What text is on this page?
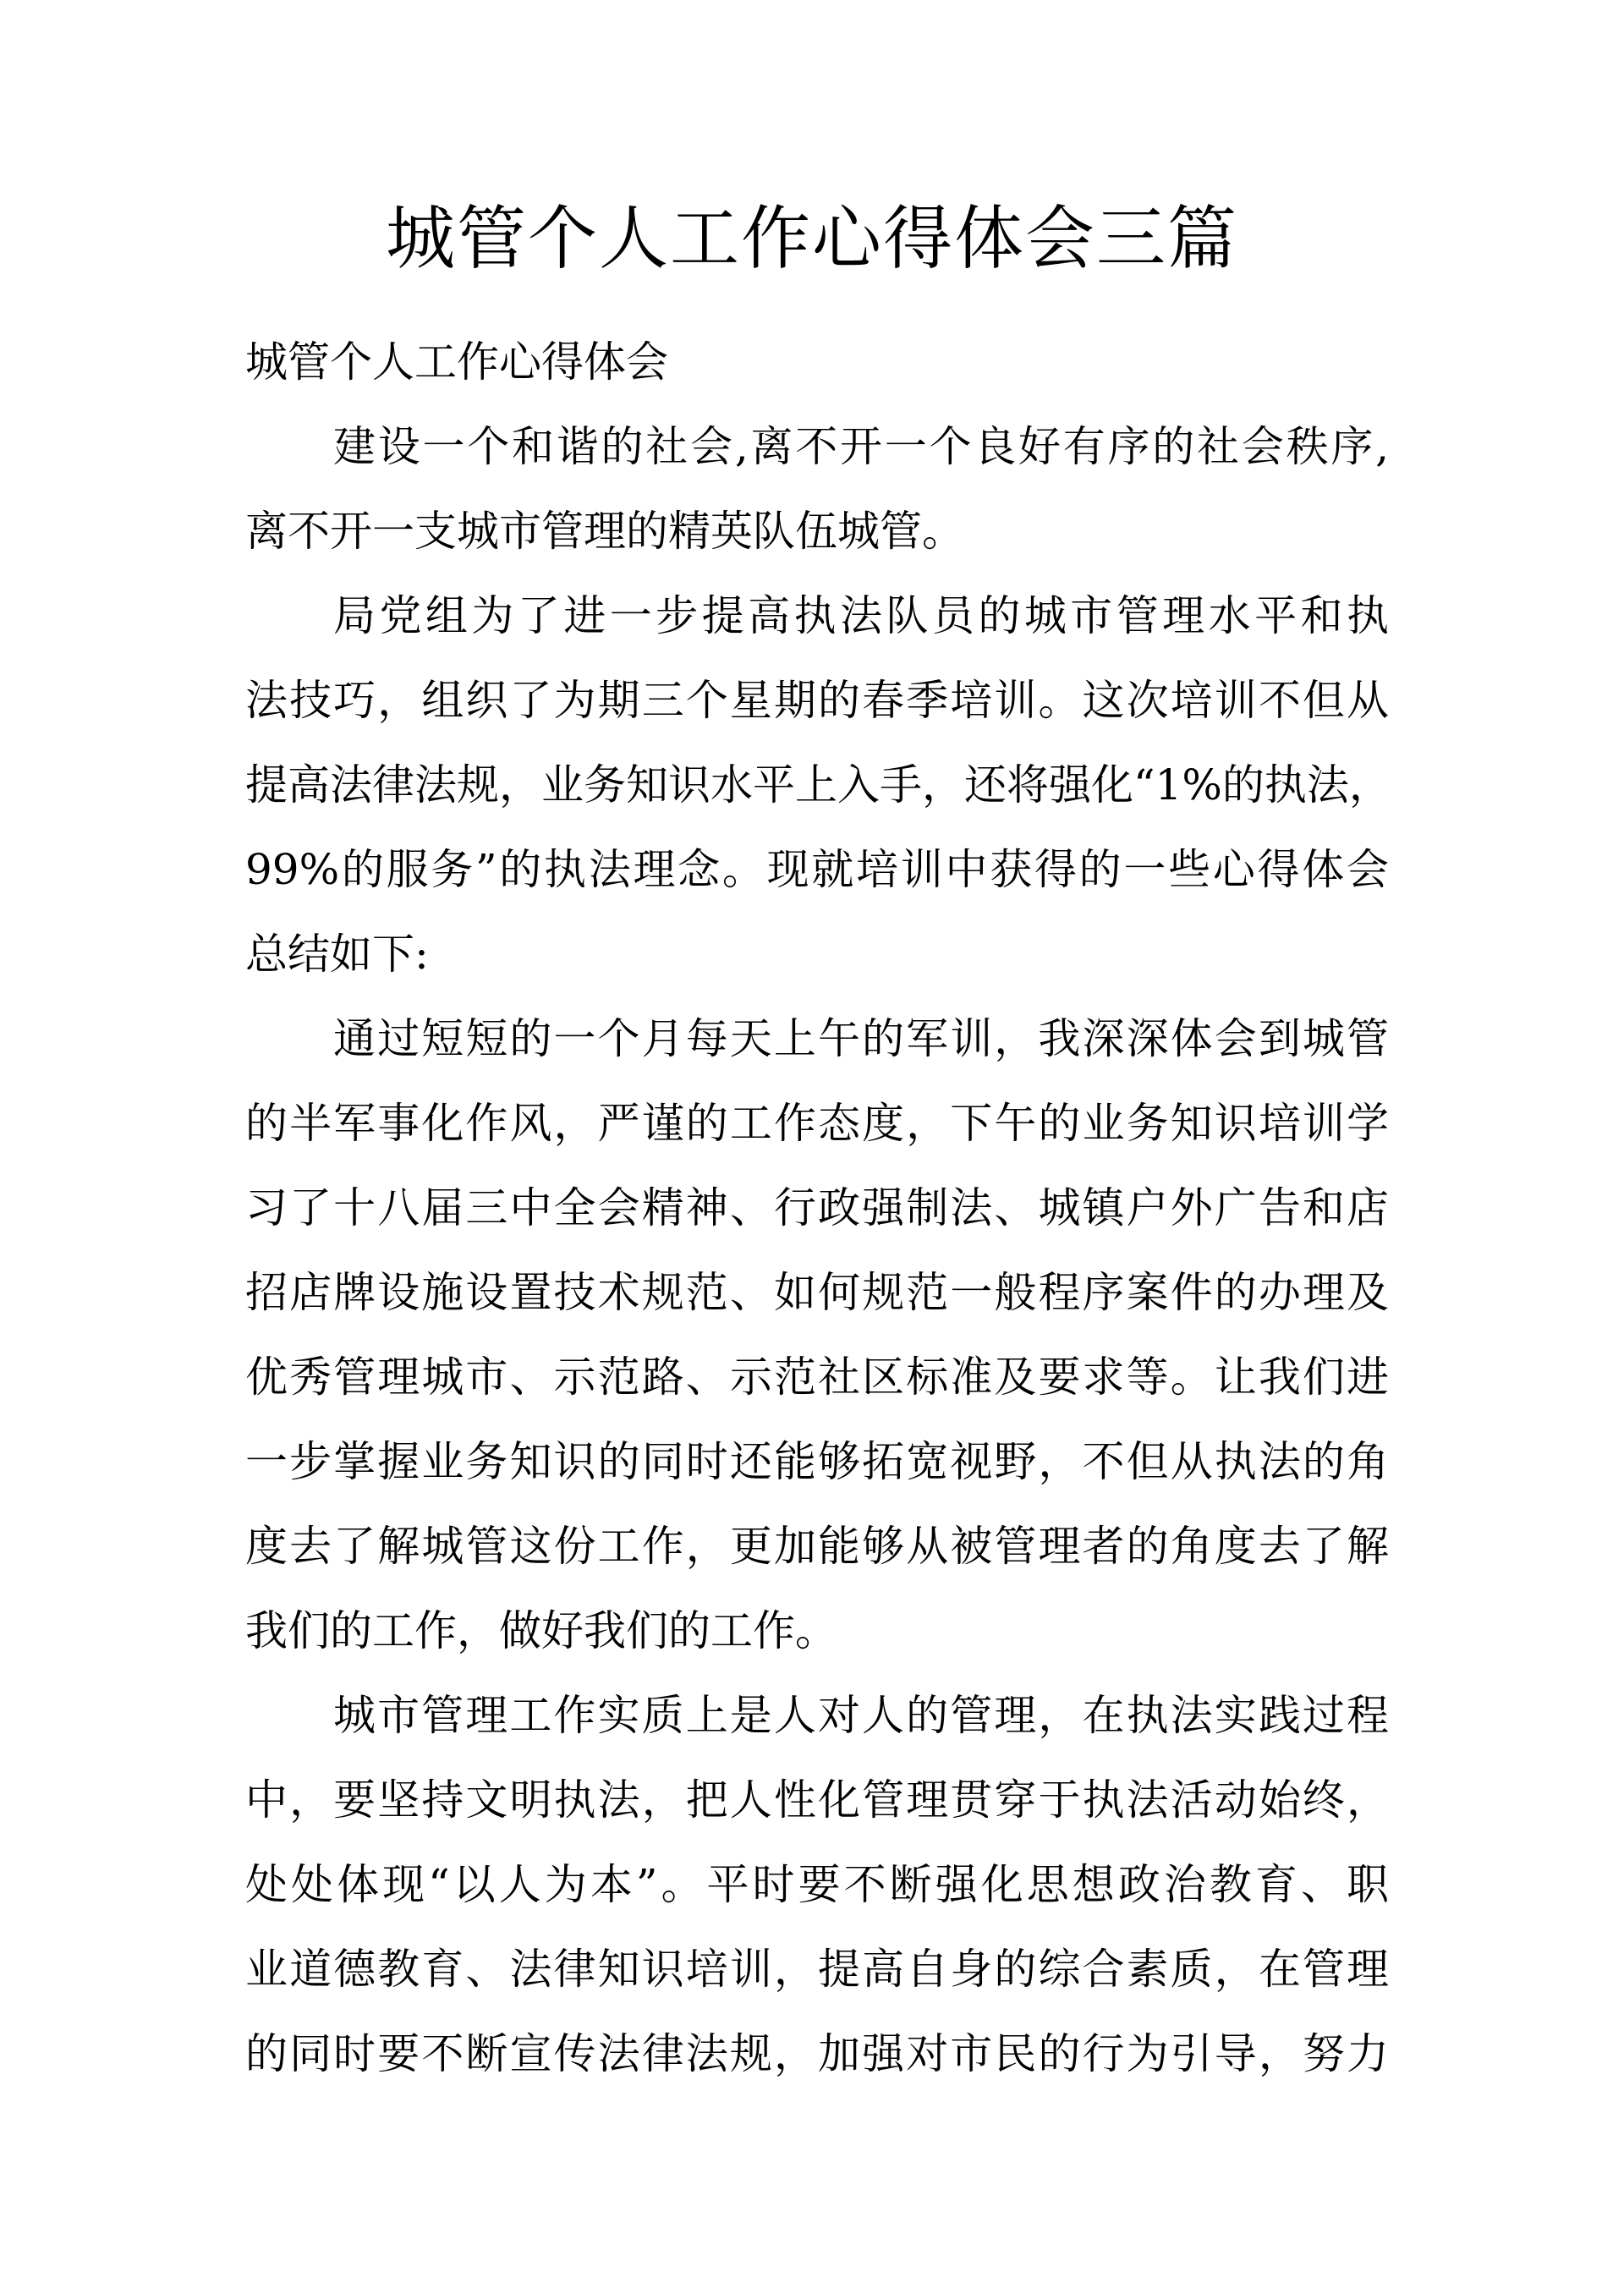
城管个人工作心得体会三篇

城管个人工作心得体会

建设一个和谐的社会,离不开一个良好有序的社会秩序,
离不开一支城市管理的精英队伍城管。

局党组为了进一步提高执法队员的城市管理水平和执
法技巧，组织了为期三个星期的春季培训。这次培训不但从
提高法律法规，业务知识水平上入手，还将强化“1%的执法，
99%的服务”的执法理念。现就培训中获得的一些心得体会
总结如下:

通过短短的一个月每天上午的军训，我深深体会到城管
的半军事化作风，严谨的工作态度，下午的业务知识培训学
习了十八届三中全会精神、行政强制法、城镇户外广告和店
招店牌设施设置技术规范、如何规范一般程序案件的办理及
优秀管理城市、示范路、示范社区标准及要求等。让我们进
一步掌握业务知识的同时还能够拓宽视野，不但从执法的角
度去了解城管这份工作，更加能够从被管理者的角度去了解
我们的工作，做好我们的工作。

城市管理工作实质上是人对人的管理，在执法实践过程
中，要坚持文明执法，把人性化管理贯穿于执法活动始终，
处处体现“以人为本”。平时要不断强化思想政治教育、职
业道德教育、法律知识培训，提高自身的综合素质，在管理
的同时要不断宣传法律法规，加强对市民的行为引导，努力
